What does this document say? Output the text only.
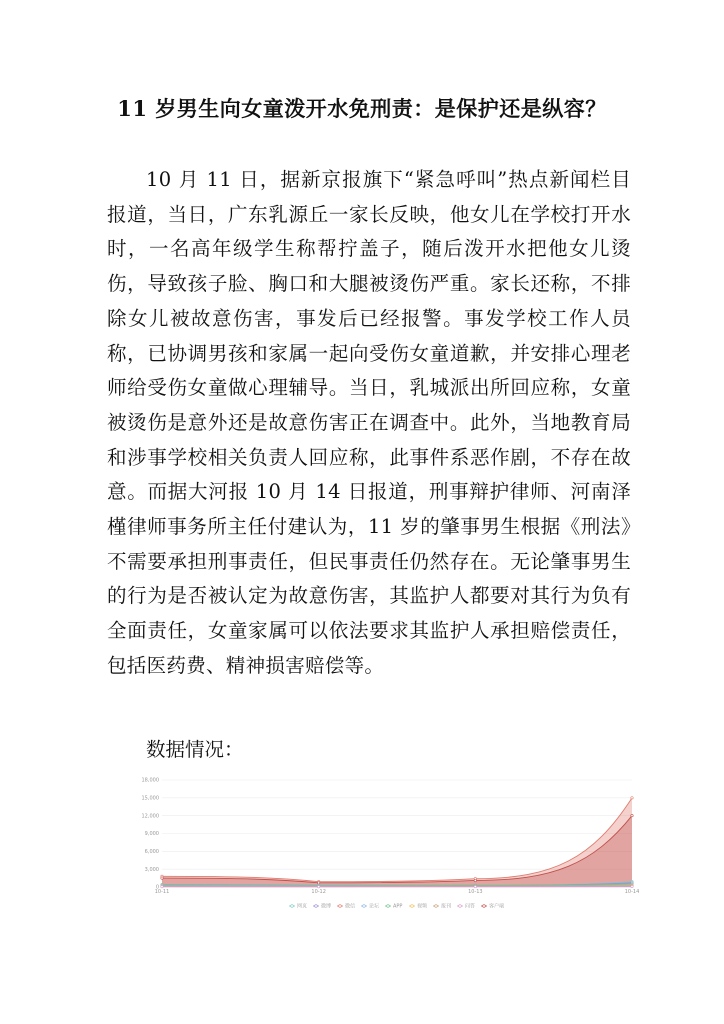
11 岁男生向女童泼开水免刑责：是保护还是纵容？

10 月 11 日，据新京报旗下“紧急呼叫”热点新闻栏目报道，当日，广东乳源丘一家长反映，他女儿在学校打开水时，一名高年级学生称帮拧盖子，随后泼开水把他女儿烫伤，导致孩子脸、胸口和大腿被烫伤严重。家长还称，不排除女儿被故意伤害，事发后已经报警。事发学校工作人员称，已协调男孩和家属一起向受伤女童道歉，并安排心理老师给受伤女童做心理辅导。当日，乳城派出所回应称，女童被烫伤是意外还是故意伤害正在调查中。此外，当地教育局和涉事学校相关负责人回应称，此事件系恶作剧，不存在故意。而据大河报 10 月 14 日报道，刑事辩护律师、河南泽槿律师事务所主任付建认为，11 岁的肇事男生根据《刑法》不需要承担刑事责任，但民事责任仍然存在。无论肇事男生的行为是否被认定为故意伤害，其监护人都要对其行为负有全面责任，女童家属可以依法要求其监护人承担赔偿责任，包括医药费、精神损害赔偿等。

数据情况：

18,000
15,000
12,000
9,000
6,000
3,000
0
10-11	10-12	10-13	10-14
网页	微博	微信	论坛	APP	视频	报刊	问答	客户端
